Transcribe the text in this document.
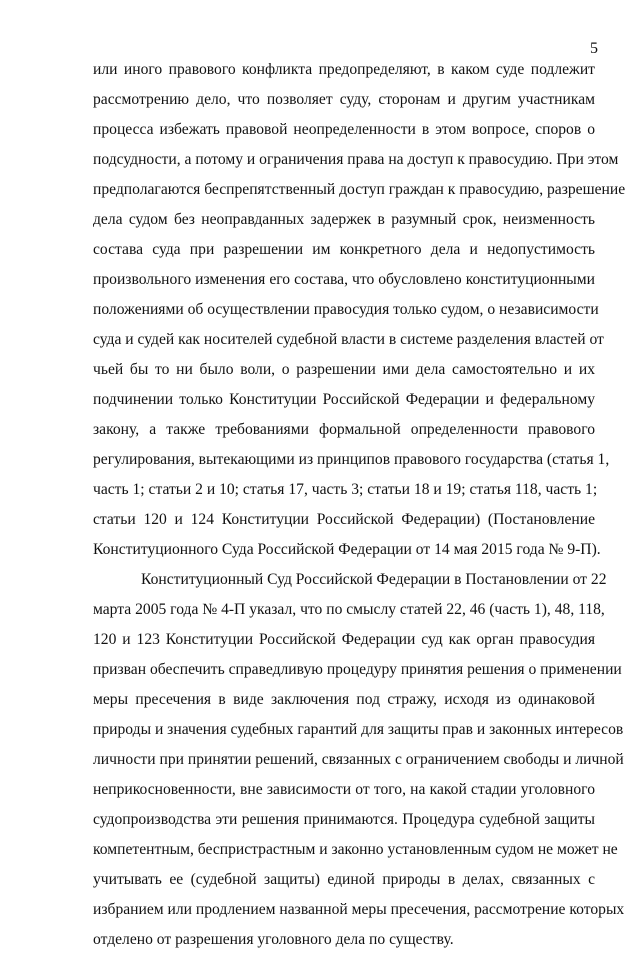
5
или иного правового конфликта предопределяют, в каком суде подлежит
рассмотрению дело, что позволяет суду, сторонам и другим участникам
процесса избежать правовой неопределенности в этом вопросе, споров о
подсудности, а потому и ограничения права на доступ к правосудию. При этом
предполагаются беспрепятственный доступ граждан к правосудию, разрешение
дела судом без неоправданных задержек в разумный срок, неизменность
состава суда при разрешении им конкретного дела и недопустимость
произвольного изменения его состава, что обусловлено конституционными
положениями об осуществлении правосудия только судом, о независимости
суда и судей как носителей судебной власти в системе разделения властей от
чьей бы то ни было воли, о разрешении ими дела самостоятельно и их
подчинении только Конституции Российской Федерации и федеральному
закону, а также требованиями формальной определенности правового
регулирования, вытекающими из принципов правового государства (статья 1,
часть 1; статьи 2 и 10; статья 17, часть 3; статьи 18 и 19; статья 118, часть 1;
статьи 120 и 124 Конституции Российской Федерации) (Постановление
Конституционного Суда Российской Федерации от 14 мая 2015 года № 9-П).
Конституционный Суд Российской Федерации в Постановлении от 22
марта 2005 года № 4-П указал, что по смыслу статей 22, 46 (часть 1), 48, 118,
120 и 123 Конституции Российской Федерации суд как орган правосудия
призван обеспечить справедливую процедуру принятия решения о применении
меры пресечения в виде заключения под стражу, исходя из одинаковой
природы и значения судебных гарантий для защиты прав и законных интересов
личности при принятии решений, связанных с ограничением свободы и личной
неприкосновенности, вне зависимости от того, на какой стадии уголовного
судопроизводства эти решения принимаются. Процедура судебной защиты
компетентным, беспристрастным и законно установленным судом не может не
учитывать ее (судебной защиты) единой природы в делах, связанных с
избранием или продлением названной меры пресечения, рассмотрение которых
отделено от разрешения уголовного дела по существу.
